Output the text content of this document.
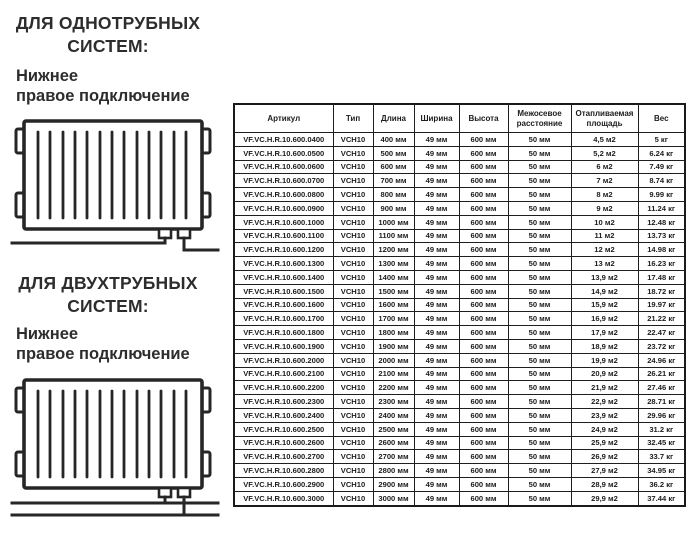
ДЛЯ ОДНОТРУБНЫХ
СИСТЕМ:
Нижнее
правое подключение
ДЛЯ ДВУХТРУБНЫХ
СИСТЕМ:
Нижнее
правое подключение
Артикул	Тип	Длина	Ширина	Высота	Межосевое расстояние	Отапливаемая площадь	Вес
VF.VC.H.R.10.600.0400	VCH10	400 мм	49 мм	600 мм	50 мм	4,5 м2	5 кг
VF.VC.H.R.10.600.0500	VCH10	500 мм	49 мм	600 мм	50 мм	5,2 м2	6.24 кг
VF.VC.H.R.10.600.0600	VCH10	600 мм	49 мм	600 мм	50 мм	6 м2	7.49 кг
VF.VC.H.R.10.600.0700	VCH10	700 мм	49 мм	600 мм	50 мм	7 м2	8.74 кг
VF.VC.H.R.10.600.0800	VCH10	800 мм	49 мм	600 мм	50 мм	8 м2	9.99 кг
VF.VC.H.R.10.600.0900	VCH10	900 мм	49 мм	600 мм	50 мм	9 м2	11.24 кг
VF.VC.H.R.10.600.1000	VCH10	1000 мм	49 мм	600 мм	50 мм	10 м2	12.48 кг
VF.VC.H.R.10.600.1100	VCH10	1100 мм	49 мм	600 мм	50 мм	11 м2	13.73 кг
VF.VC.H.R.10.600.1200	VCH10	1200 мм	49 мм	600 мм	50 мм	12 м2	14.98 кг
VF.VC.H.R.10.600.1300	VCH10	1300 мм	49 мм	600 мм	50 мм	13 м2	16.23 кг
VF.VC.H.R.10.600.1400	VCH10	1400 мм	49 мм	600 мм	50 мм	13,9 м2	17.48 кг
VF.VC.H.R.10.600.1500	VCH10	1500 мм	49 мм	600 мм	50 мм	14,9 м2	18.72 кг
VF.VC.H.R.10.600.1600	VCH10	1600 мм	49 мм	600 мм	50 мм	15,9 м2	19.97 кг
VF.VC.H.R.10.600.1700	VCH10	1700 мм	49 мм	600 мм	50 мм	16,9 м2	21.22 кг
VF.VC.H.R.10.600.1800	VCH10	1800 мм	49 мм	600 мм	50 мм	17,9 м2	22.47 кг
VF.VC.H.R.10.600.1900	VCH10	1900 мм	49 мм	600 мм	50 мм	18,9 м2	23.72 кг
VF.VC.H.R.10.600.2000	VCH10	2000 мм	49 мм	600 мм	50 мм	19,9 м2	24.96 кг
VF.VC.H.R.10.600.2100	VCH10	2100 мм	49 мм	600 мм	50 мм	20,9 м2	26.21 кг
VF.VC.H.R.10.600.2200	VCH10	2200 мм	49 мм	600 мм	50 мм	21,9 м2	27.46 кг
VF.VC.H.R.10.600.2300	VCH10	2300 мм	49 мм	600 мм	50 мм	22,9 м2	28.71 кг
VF.VC.H.R.10.600.2400	VCH10	2400 мм	49 мм	600 мм	50 мм	23,9 м2	29.96 кг
VF.VC.H.R.10.600.2500	VCH10	2500 мм	49 мм	600 мм	50 мм	24,9 м2	31.2 кг
VF.VC.H.R.10.600.2600	VCH10	2600 мм	49 мм	600 мм	50 мм	25,9 м2	32.45 кг
VF.VC.H.R.10.600.2700	VCH10	2700 мм	49 мм	600 мм	50 мм	26,9 м2	33.7 кг
VF.VC.H.R.10.600.2800	VCH10	2800 мм	49 мм	600 мм	50 мм	27,9 м2	34.95 кг
VF.VC.H.R.10.600.2900	VCH10	2900 мм	49 мм	600 мм	50 мм	28,9 м2	36.2 кг
VF.VC.H.R.10.600.3000	VCH10	3000 мм	49 мм	600 мм	50 мм	29,9 м2	37.44 кг
